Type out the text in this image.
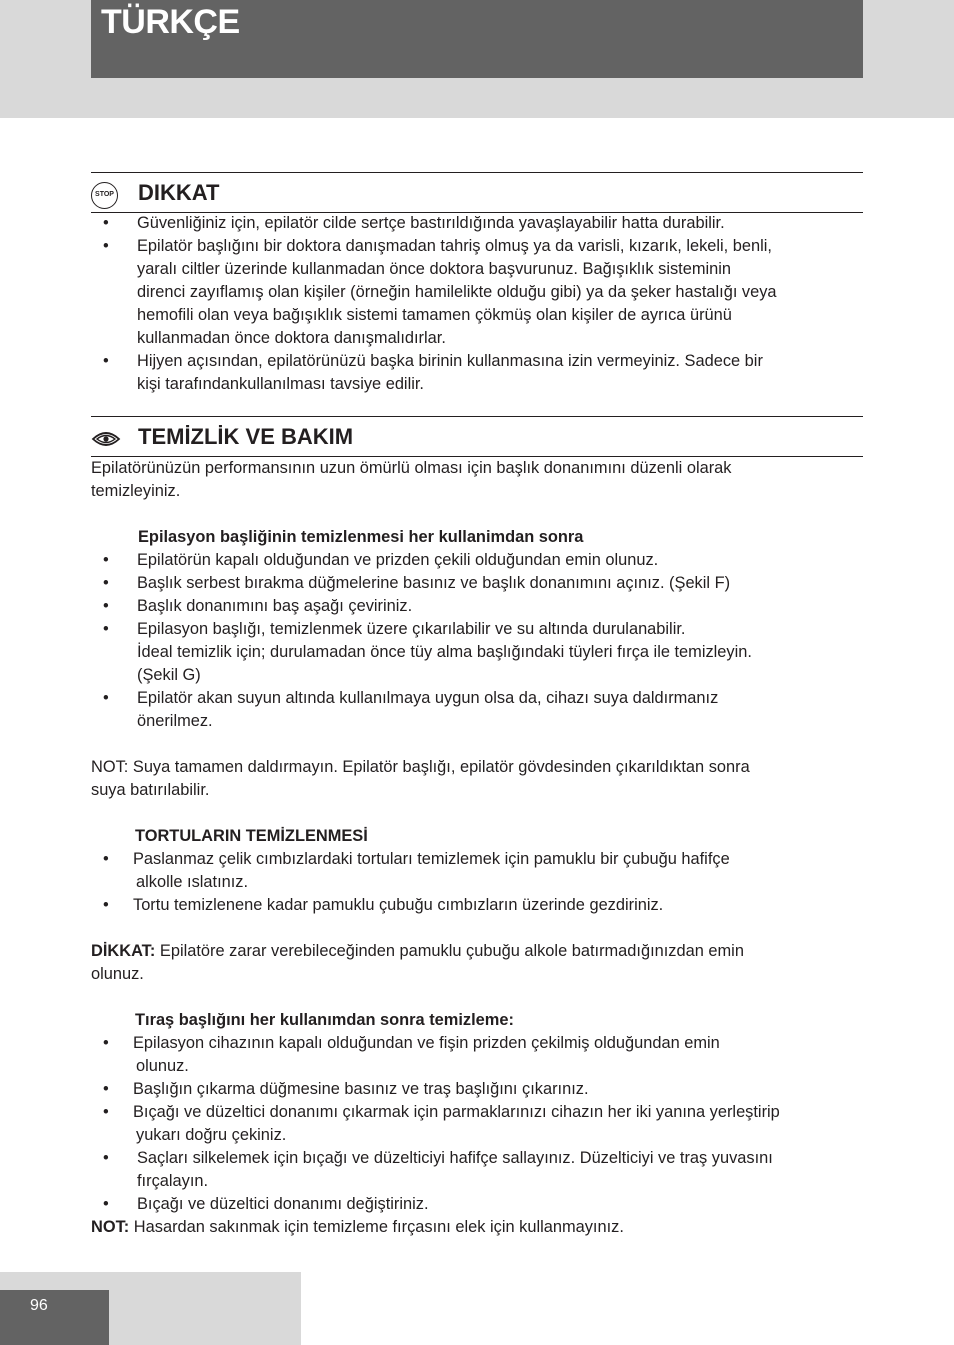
TÜRKÇE
STOP DIKKAT
• Güvenliğiniz için, epilatör cilde sertçe bastırıldığında yavaşlayabilir hatta durabilir.
• Epilatör başlığını bir doktora danışmadan tahriş olmuş ya da varisli, kızarık, lekeli, benli,
yaralı ciltler üzerinde kullanmadan önce doktora başvurunuz. Bağışıklık sisteminin
direnci zayıflamış olan kişiler (örneğin hamilelikte olduğu gibi) ya da şeker hastalığı veya
hemofili olan veya bağışıklık sistemi tamamen çökmüş olan kişiler de ayrıca ürünü
kullanmadan önce doktora danışmalıdırlar.
• Hijyen açısından, epilatörünüzü başka birinin kullanmasına izin vermeyiniz. Sadece bir
kişi tarafındankullanılması tavsiye edilir.
TEMİZLİK VE BAKIM

Epilatörünüzün performansının uzun ömürlü olması için başlık donanımını düzenli olarak
temizleyiniz.

Epilasyon başliğinin temizlenmesi her kullanimdan sonra

• Epilatörün kapalı olduğundan ve prizden çekili olduğundan emin olunuz.
• Başlık serbest bırakma düğmelerine basınız ve başlık donanımını açınız. (Şekil F)
• Başlık donanımını baş aşağı çeviriniz.
• Epilasyon başlığı, temizlenmek üzere çıkarılabilir ve su altında durulanabilir.
İdeal temizlik için; durulamadan önce tüy alma başlığındaki tüyleri fırça ile temizleyin.
(Şekil G)
• Epilatör akan suyun altında kullanılmaya uygun olsa da, cihazı suya daldırmanız
önerilmez.

NOT: Suya tamamen daldırmayın. Epilatör başlığı, epilatör gövdesinden çıkarıldıktan sonra
suya batırılabilir.

TORTULARIN TEMİZLENMESİ

• Paslanmaz çelik cımbızlardaki tortuları temizlemek için pamuklu bir çubuğu hafifçe
alkolle ıslatınız.
• Tortu temizlenene kadar pamuklu çubuğu cımbızların üzerinde gezdiriniz.

DİKKAT: Epilatöre zarar verebileceğinden pamuklu çubuğu alkole batırmadığınızdan emin
olunuz.

Tıraş başlığını her kullanımdan sonra temizleme:

• Epilasyon cihazının kapalı olduğundan ve fişin prizden çekilmiş olduğundan emin
olunuz.
• Başlığın çıkarma düğmesine basınız ve traş başlığını çıkarınız.
• Bıçağı ve düzeltici donanımı çıkarmak için parmaklarınızı cihazın her iki yanına yerleştirip
yukarı doğru çekiniz.
• Saçları silkelemek için bıçağı ve düzelticiyi hafifçe sallayınız. Düzelticiyi ve traş yuvasını
fırçalayın.
• Bıçağı ve düzeltici donanımı değiştiriniz.

NOT: Hasardan sakınmak için temizleme fırçasını elek için kullanmayınız.

96
